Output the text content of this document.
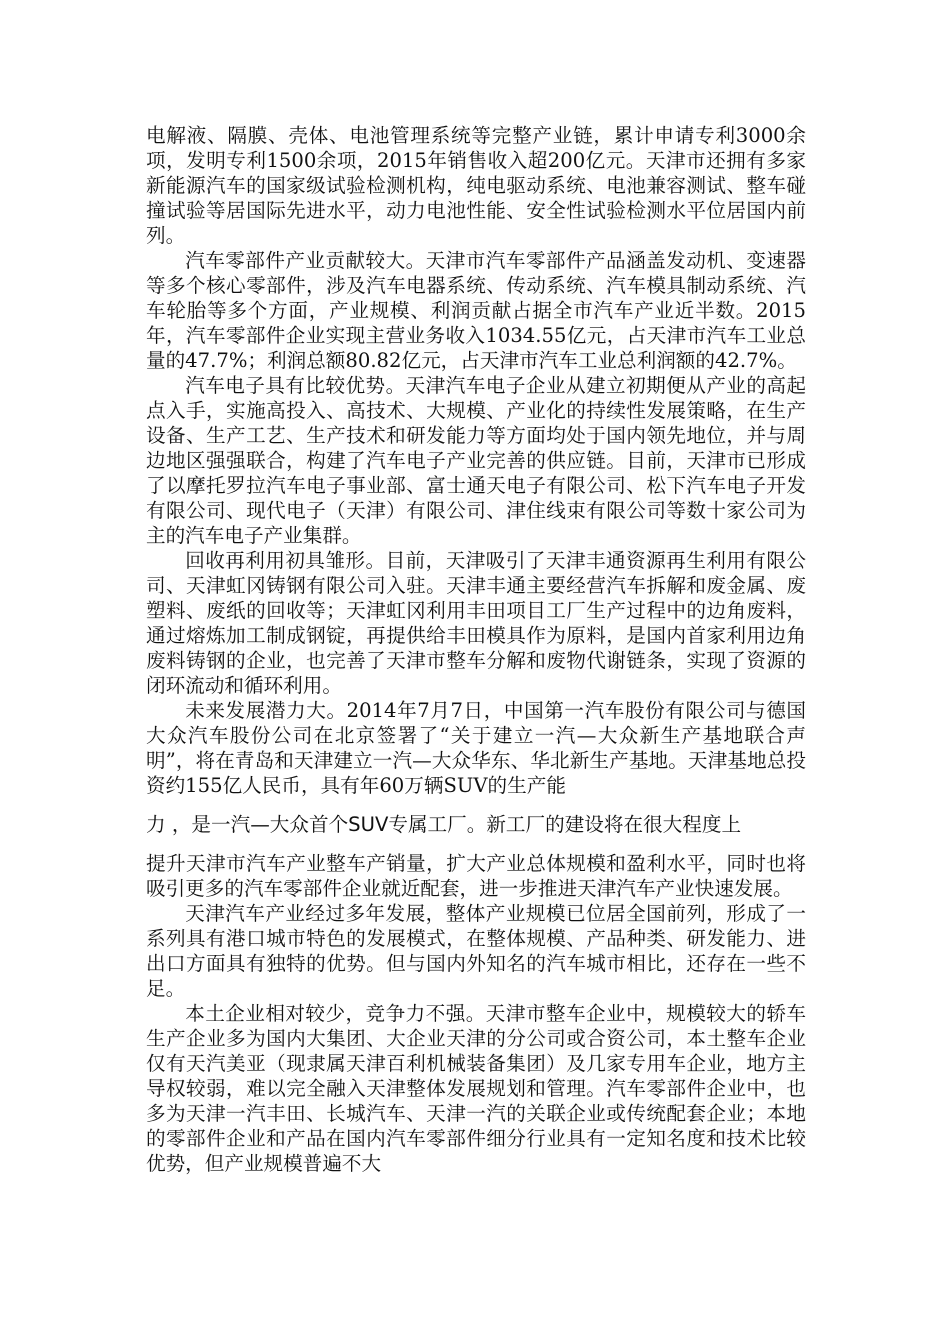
电解液、隔膜、壳体、电池管理系统等完整产业链，累计申请专利3000余项，发明专利1500余项，2015年销售收入超200亿元。天津市还拥有多家新能源汽车的国家级试验检测机构，纯电驱动系统、电池兼容测试、整车碰撞试验等居国际先进水平，动力电池性能、安全性试验检测水平位居国内前列。

汽车零部件产业贡献较大。天津市汽车零部件产品涵盖发动机、变速器等多个核心零部件，涉及汽车电器系统、传动系统、汽车模具制动系统、汽车轮胎等多个方面，产业规模、利润贡献占据全市汽车产业近半数。2015年，汽车零部件企业实现主营业务收入1034.55亿元，占天津市汽车工业总量的47.7%；利润总额80.82亿元，占天津市汽车工业总利润额的42.7%。

汽车电子具有比较优势。天津汽车电子企业从建立初期便从产业的高起点入手，实施高投入、高技术、大规模、产业化的持续性发展策略，在生产设备、生产工艺、生产技术和研发能力等方面均处于国内领先地位，并与周边地区强强联合，构建了汽车电子产业完善的供应链。目前，天津市已形成了以摩托罗拉汽车电子事业部、富士通天电子有限公司、松下汽车电子开发有限公司、现代电子（天津）有限公司、津住线束有限公司等数十家公司为主的汽车电子产业集群。

回收再利用初具雏形。目前，天津吸引了天津丰通资源再生利用有限公司、天津虹冈铸钢有限公司入驻。天津丰通主要经营汽车拆解和废金属、废塑料、废纸的回收等；天津虹冈利用丰田项目工厂生产过程中的边角废料，通过熔炼加工制成钢锭，再提供给丰田模具作为原料，是国内首家利用边角废料铸钢的企业，也完善了天津市整车分解和废物代谢链条，实现了资源的闭环流动和循环利用。

未来发展潜力大。2014年7月7日，中国第一汽车股份有限公司与德国大众汽车股份公司在北京签署了“关于建立一汽—大众新生产基地联合声明”，将在青岛和天津建立一汽—大众华东、华北新生产基地。天津基地总投资约155亿人民币，具有年60万辆SUV的生产能

力 ，是一汽—大众首个SUV专属工厂。新工厂的建设将在很大程度上

提升天津市汽车产业整车产销量，扩大产业总体规模和盈利水平，同时也将吸引更多的汽车零部件企业就近配套，进一步推进天津汽车产业快速发展。

天津汽车产业经过多年发展，整体产业规模已位居全国前列，形成了一系列具有港口城市特色的发展模式，在整体规模、产品种类、研发能力、进出口方面具有独特的优势。但与国内外知名的汽车城市相比，还存在一些不足。

本土企业相对较少，竞争力不强。天津市整车企业中，规模较大的轿车生产企业多为国内大集团、大企业天津的分公司或合资公司，本土整车企业仅有天汽美亚（现隶属天津百利机械装备集团）及几家专用车企业，地方主导权较弱，难以完全融入天津整体发展规划和管理。汽车零部件企业中，也多为天津一汽丰田、长城汽车、天津一汽的关联企业或传统配套企业；本地的零部件企业和产品在国内汽车零部件细分行业具有一定知名度和技术比较优势，但产业规模普遍不大
